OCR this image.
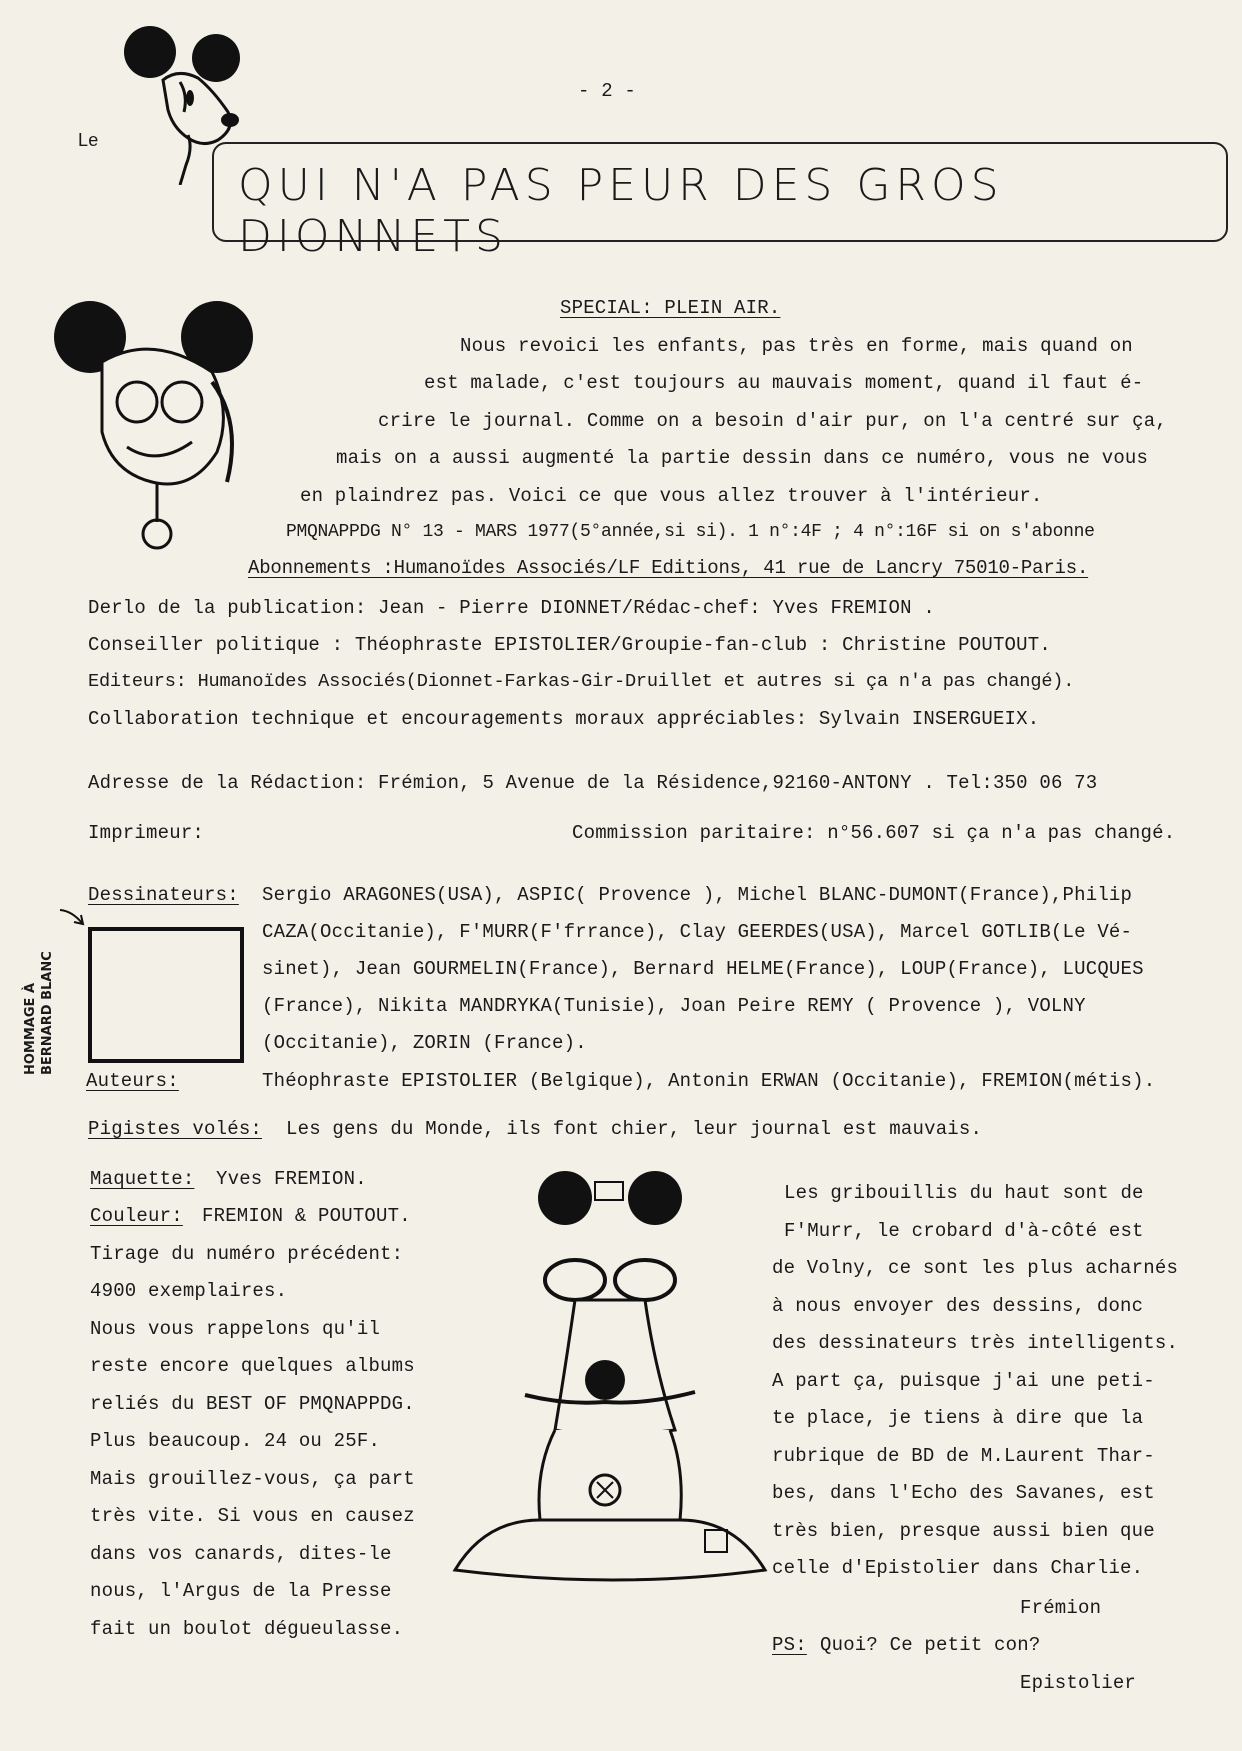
Le
- 2 -
QUI N'A PAS PEUR DES GROS DIONNETS
SPECIAL: PLEIN AIR.
Nous revoici les enfants, pas très en forme, mais quand on
est malade, c'est toujours au mauvais moment, quand il faut é-
crire le journal. Comme on a besoin d'air pur, on l'a centré sur ça,
mais on a aussi augmenté la partie dessin dans ce numéro, vous ne vous
en plaindrez pas. Voici ce que vous allez trouver à l'intérieur.
PMQNAPPDG N° 13 - MARS 1977(5°année,si si). 1 n°:4F ; 4 n°:16F si on s'abonne
Abonnements :Humanoïdes Associés/LF Editions, 41 rue de Lancry 75010-Paris.
Derlo de la publication: Jean - Pierre DIONNET/Rédac-chef: Yves FREMION .
Conseiller politique : Théophraste EPISTOLIER/Groupie-fan-club : Christine POUTOUT.
Editeurs: Humanoïdes Associés(Dionnet-Farkas-Gir-Druillet et autres si ça n'a pas changé).
Collaboration technique et encouragements moraux appréciables: Sylvain INSERGUEIX.
Adresse de la Rédaction: Frémion, 5 Avenue de la Résidence,92160-ANTONY . Tel:350 06 73
Imprimeur:	Commission paritaire: n°56.607 si ça n'a pas changé.
Dessinateurs: Sergio ARAGONES(USA), ASPIC( Provence ), Michel BLANC-DUMONT(France),Philip
CAZA(Occitanie), F'MURR(F'frrance), Clay GEERDES(USA), Marcel GOTLIB(Le Vé-
sinet), Jean GOURMELIN(France), Bernard HELME(France), LOUP(France), LUCQUES
(France), Nikita MANDRYKA(Tunisie), Joan Peire REMY ( Provence ), VOLNY
(Occitanie), ZORIN (France).
HOMMAGE À BERNARD BLANC
Auteurs:	Théophraste EPISTOLIER (Belgique), Antonin ERWAN (Occitanie), FREMION(métis).
Pigistes volés: Les gens du Monde, ils font chier, leur journal est mauvais.
Maquette: Yves FREMION.
Couleur: FREMION & POUTOUT.
Tirage du numéro précédent:
4900 exemplaires.
Nous vous rappelons qu'il
reste encore quelques albums
reliés du BEST OF PMQNAPPDG.
Plus beaucoup. 24 ou 25F.
Mais grouillez-vous, ça part
très vite. Si vous en causez
dans vos canards, dites-le
nous, l'Argus de la Presse
fait un boulot dégueulasse.
Les gribouillis du haut sont de
F'Murr, le crobard d'à-côté est
de Volny, ce sont les plus acharnés
à nous envoyer des dessins, donc
des dessinateurs très intelligents.
A part ça, puisque j'ai une peti-
te place, je tiens à dire que la
rubrique de BD de M.Laurent Thar-
bes, dans l'Echo des Savanes, est
très bien, presque aussi bien que
celle d'Epistolier dans Charlie.
Frémion
PS: Quoi? Ce petit con?
Epistolier
